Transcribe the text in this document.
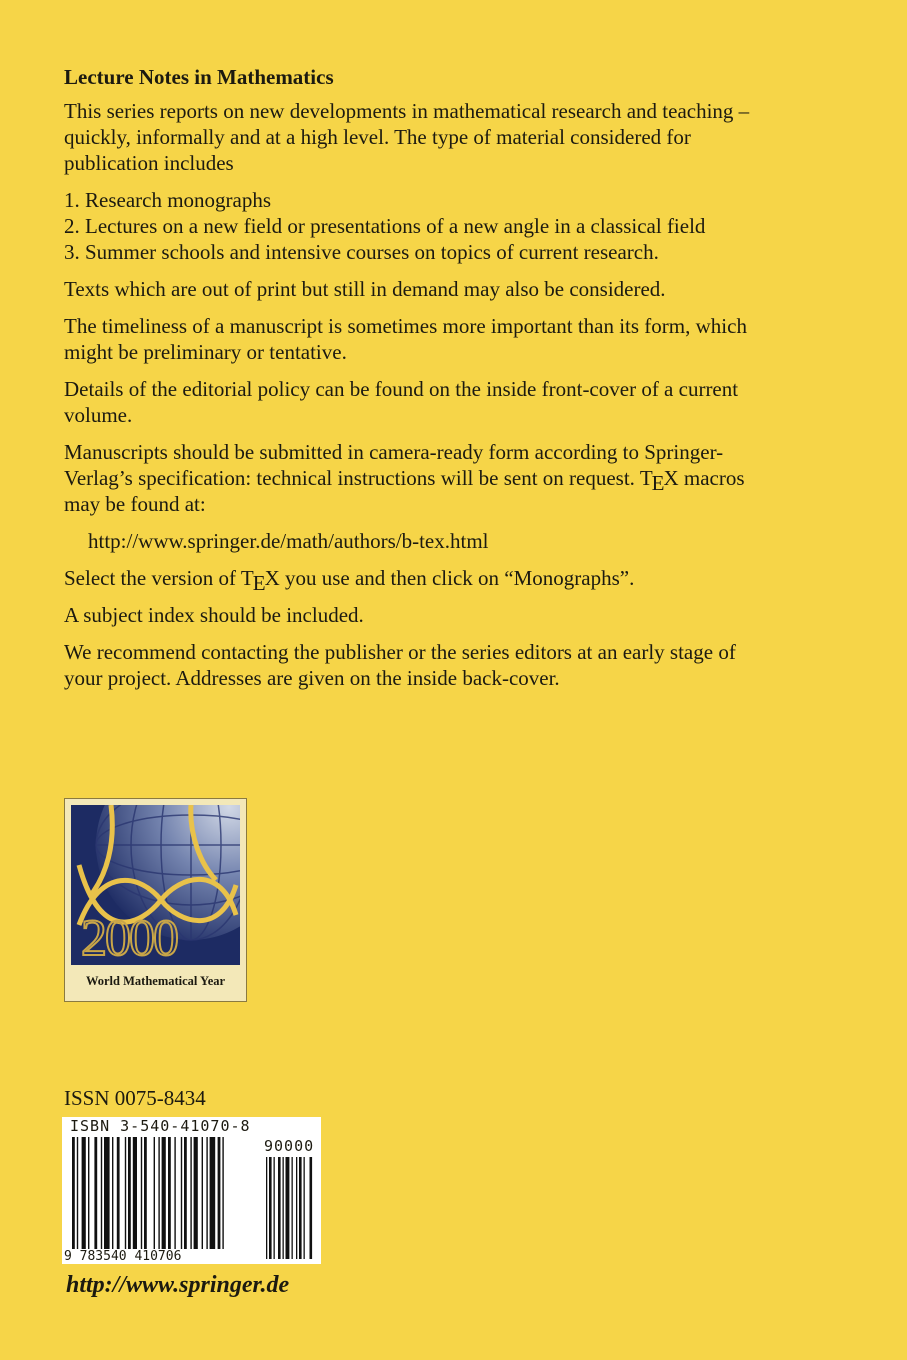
Lecture Notes in Mathematics

This series reports on new developments in mathematical research and teaching – quickly, informally and at a high level. The type of material considered for publication includes

1. Research monographs
2. Lectures on a new field or presentations of a new angle in a classical field
3. Summer schools and intensive courses on topics of current research.

Texts which are out of print but still in demand may also be considered.

The timeliness of a manuscript is sometimes more important than its form, which might be preliminary or tentative.

Details of the editorial policy can be found on the inside front-cover of a current volume.

Manuscripts should be submitted in camera-ready form according to Springer-Verlag’s specification: technical instructions will be sent on request. $T_EX$ macros may be found at:

http://www.springer.de/math/authors/b-tex.html

Select the version of $T_EX$ you use and then click on “Monographs”.

A subject index should be included.

We recommend contacting the publisher or the series editors at an early stage of your project. Addresses are given on the inside back-cover.

2000
World Mathematical Year
ISSN 0075-8434
ISBN 3-540-41070-8
90000
9 783540 410706
http://www.springer.de
